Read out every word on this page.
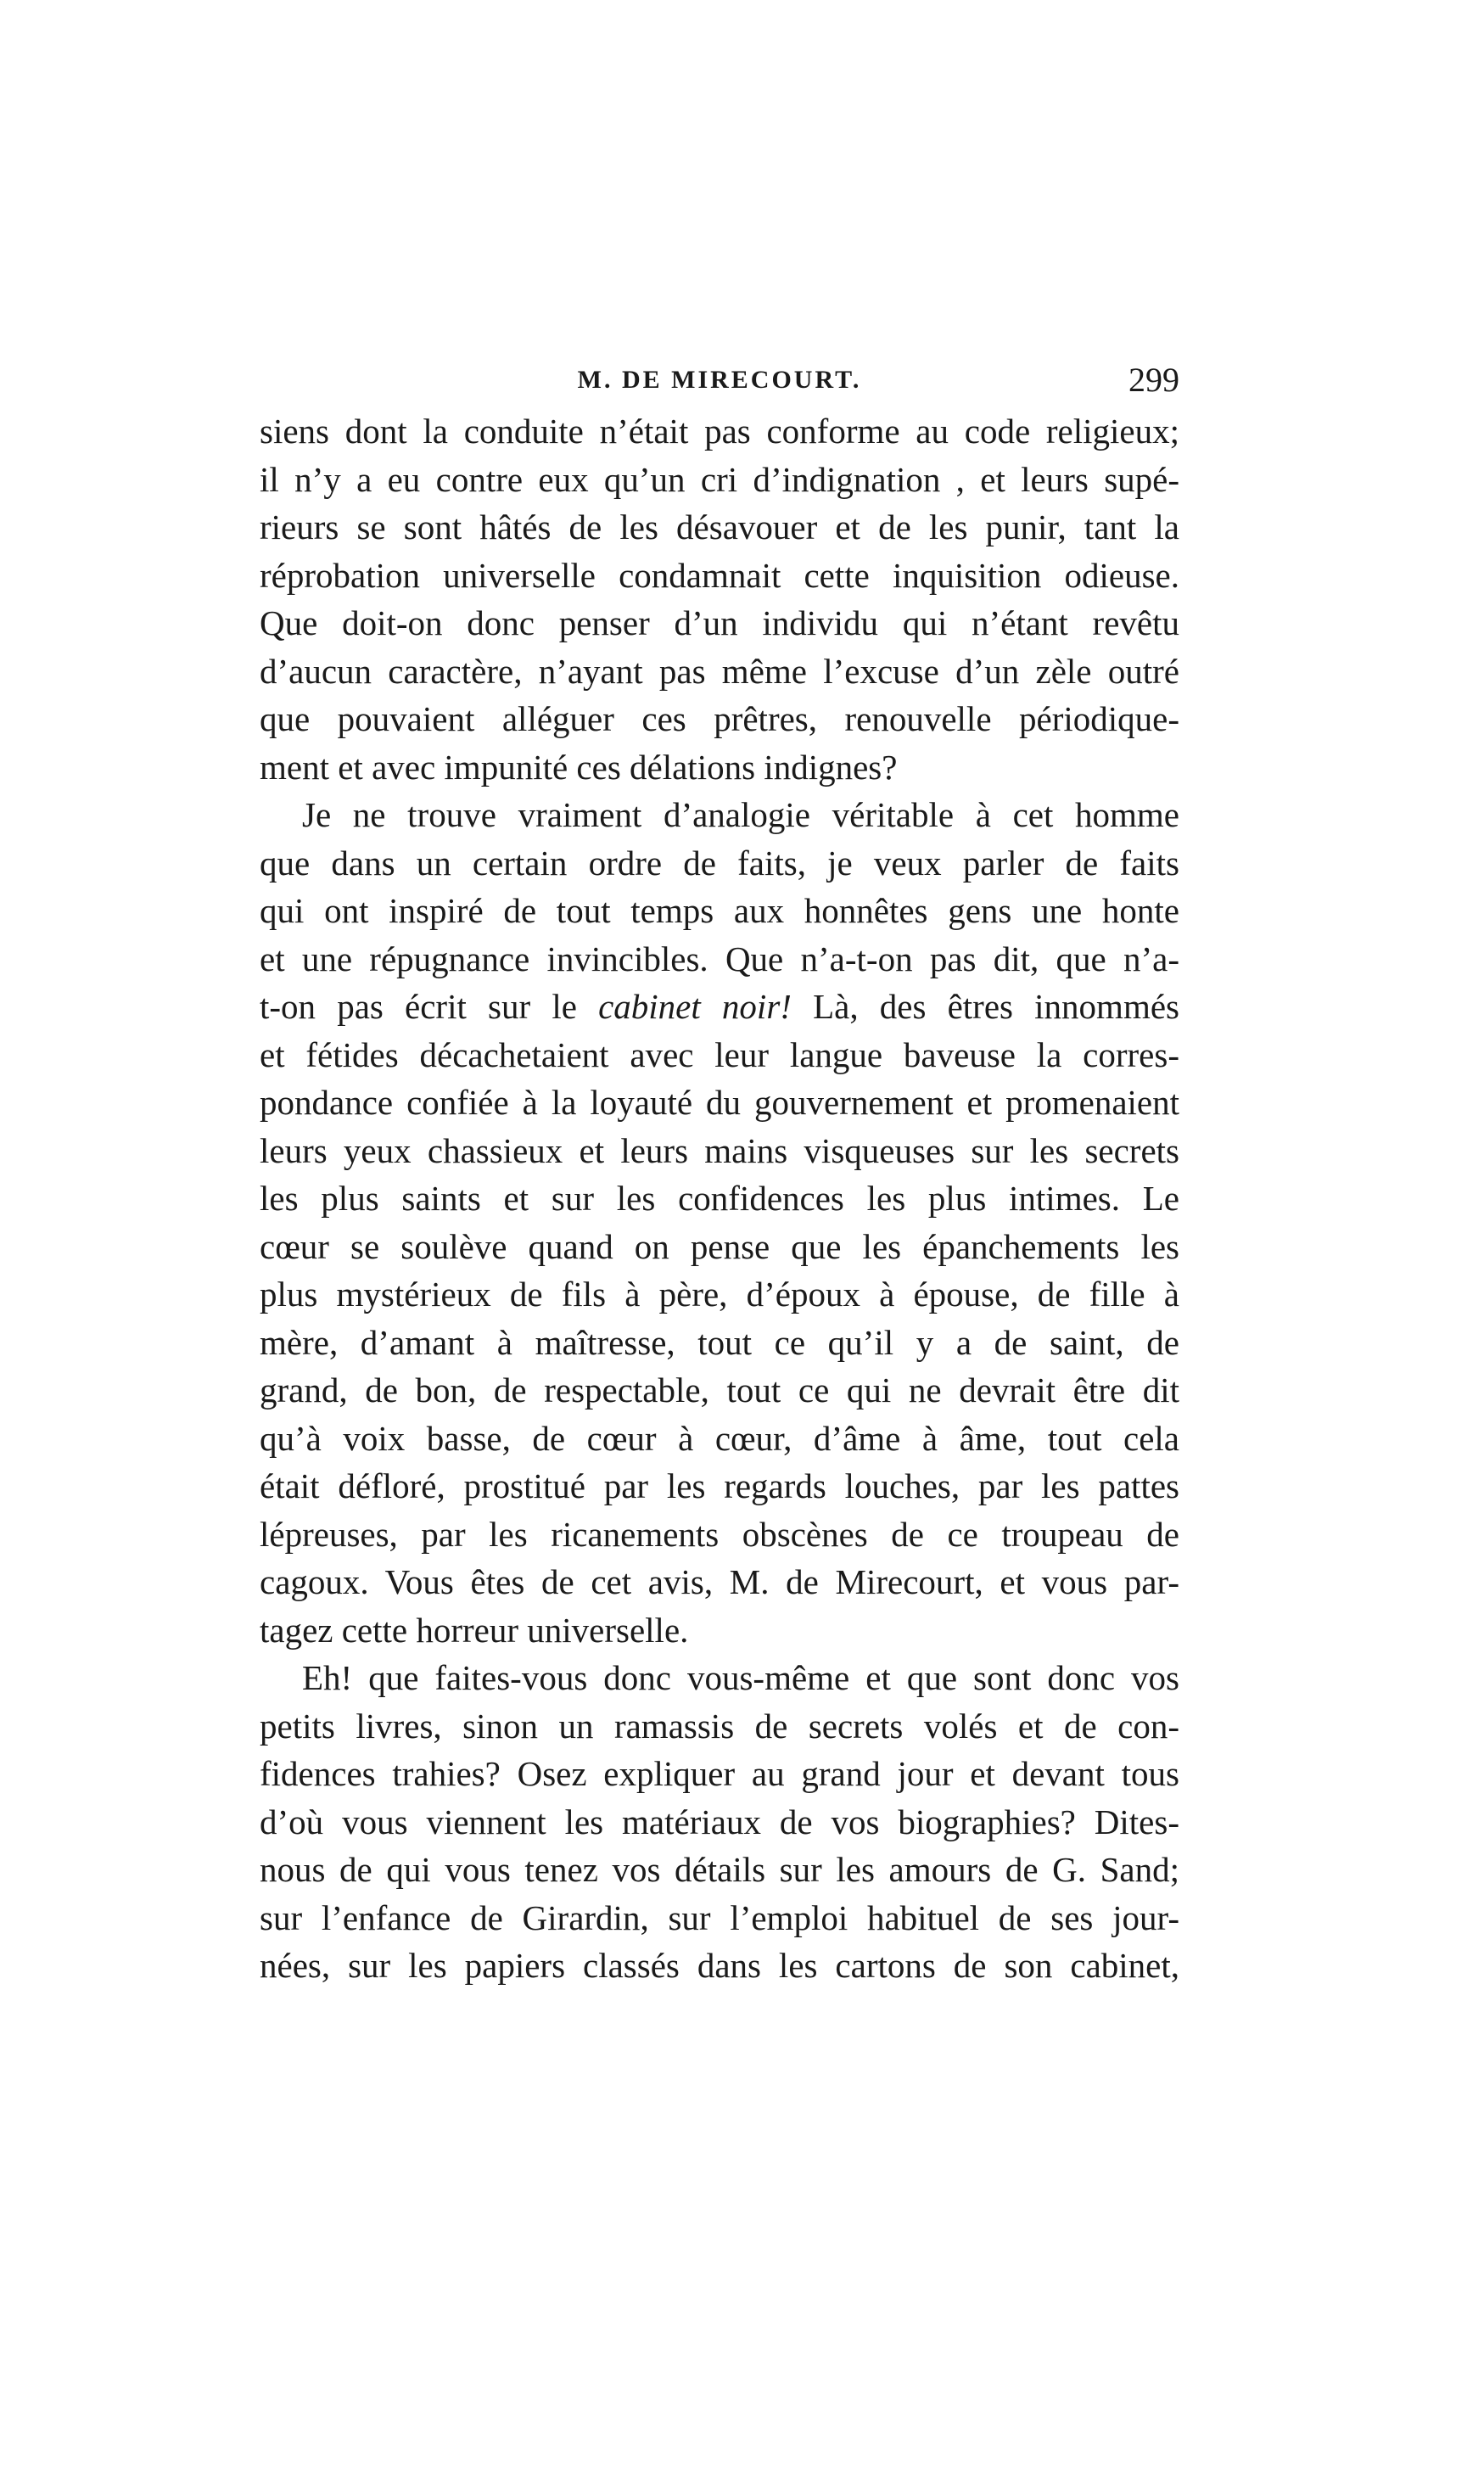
M. DE MIRECOURT.	299
siens dont la conduite n’était pas conforme au code religieux;
il n’y a eu contre eux qu’un cri d’indignation , et leurs supé-
rieurs se sont hâtés de les désavouer et de les punir, tant la
réprobation universelle condamnait cette inquisition odieuse.
Que doit-on donc penser d’un individu qui n’étant revêtu
d’aucun caractère, n’ayant pas même l’excuse d’un zèle outré
que pouvaient alléguer ces prêtres, renouvelle périodique-
ment et avec impunité ces délations indignes?
Je ne trouve vraiment d’analogie véritable à cet homme
que dans un certain ordre de faits, je veux parler de faits
qui ont inspiré de tout temps aux honnêtes gens une honte
et une répugnance invincibles. Que n’a-t-on pas dit, que n’a-
t-on pas écrit sur le cabinet noir! Là, des êtres innommés
et fétides décachetaient avec leur langue baveuse la corres-
pondance confiée à la loyauté du gouvernement et promenaient
leurs yeux chassieux et leurs mains visqueuses sur les secrets
les plus saints et sur les confidences les plus intimes. Le
cœur se soulève quand on pense que les épanchements les
plus mystérieux de fils à père, d’époux à épouse, de fille à
mère, d’amant à maîtresse, tout ce qu’il y a de saint, de
grand, de bon, de respectable, tout ce qui ne devrait être dit
qu’à voix basse, de cœur à cœur, d’âme à âme, tout cela
était défloré, prostitué par les regards louches, par les pattes
lépreuses, par les ricanements obscènes de ce troupeau de
cagoux. Vous êtes de cet avis, M. de Mirecourt, et vous par-
tagez cette horreur universelle.
Eh! que faites-vous donc vous-même et que sont donc vos
petits livres, sinon un ramassis de secrets volés et de con-
fidences trahies? Osez expliquer au grand jour et devant tous
d’où vous viennent les matériaux de vos biographies? Dites-
nous de qui vous tenez vos détails sur les amours de G. Sand;
sur l’enfance de Girardin, sur l’emploi habituel de ses jour-
nées, sur les papiers classés dans les cartons de son cabinet,
